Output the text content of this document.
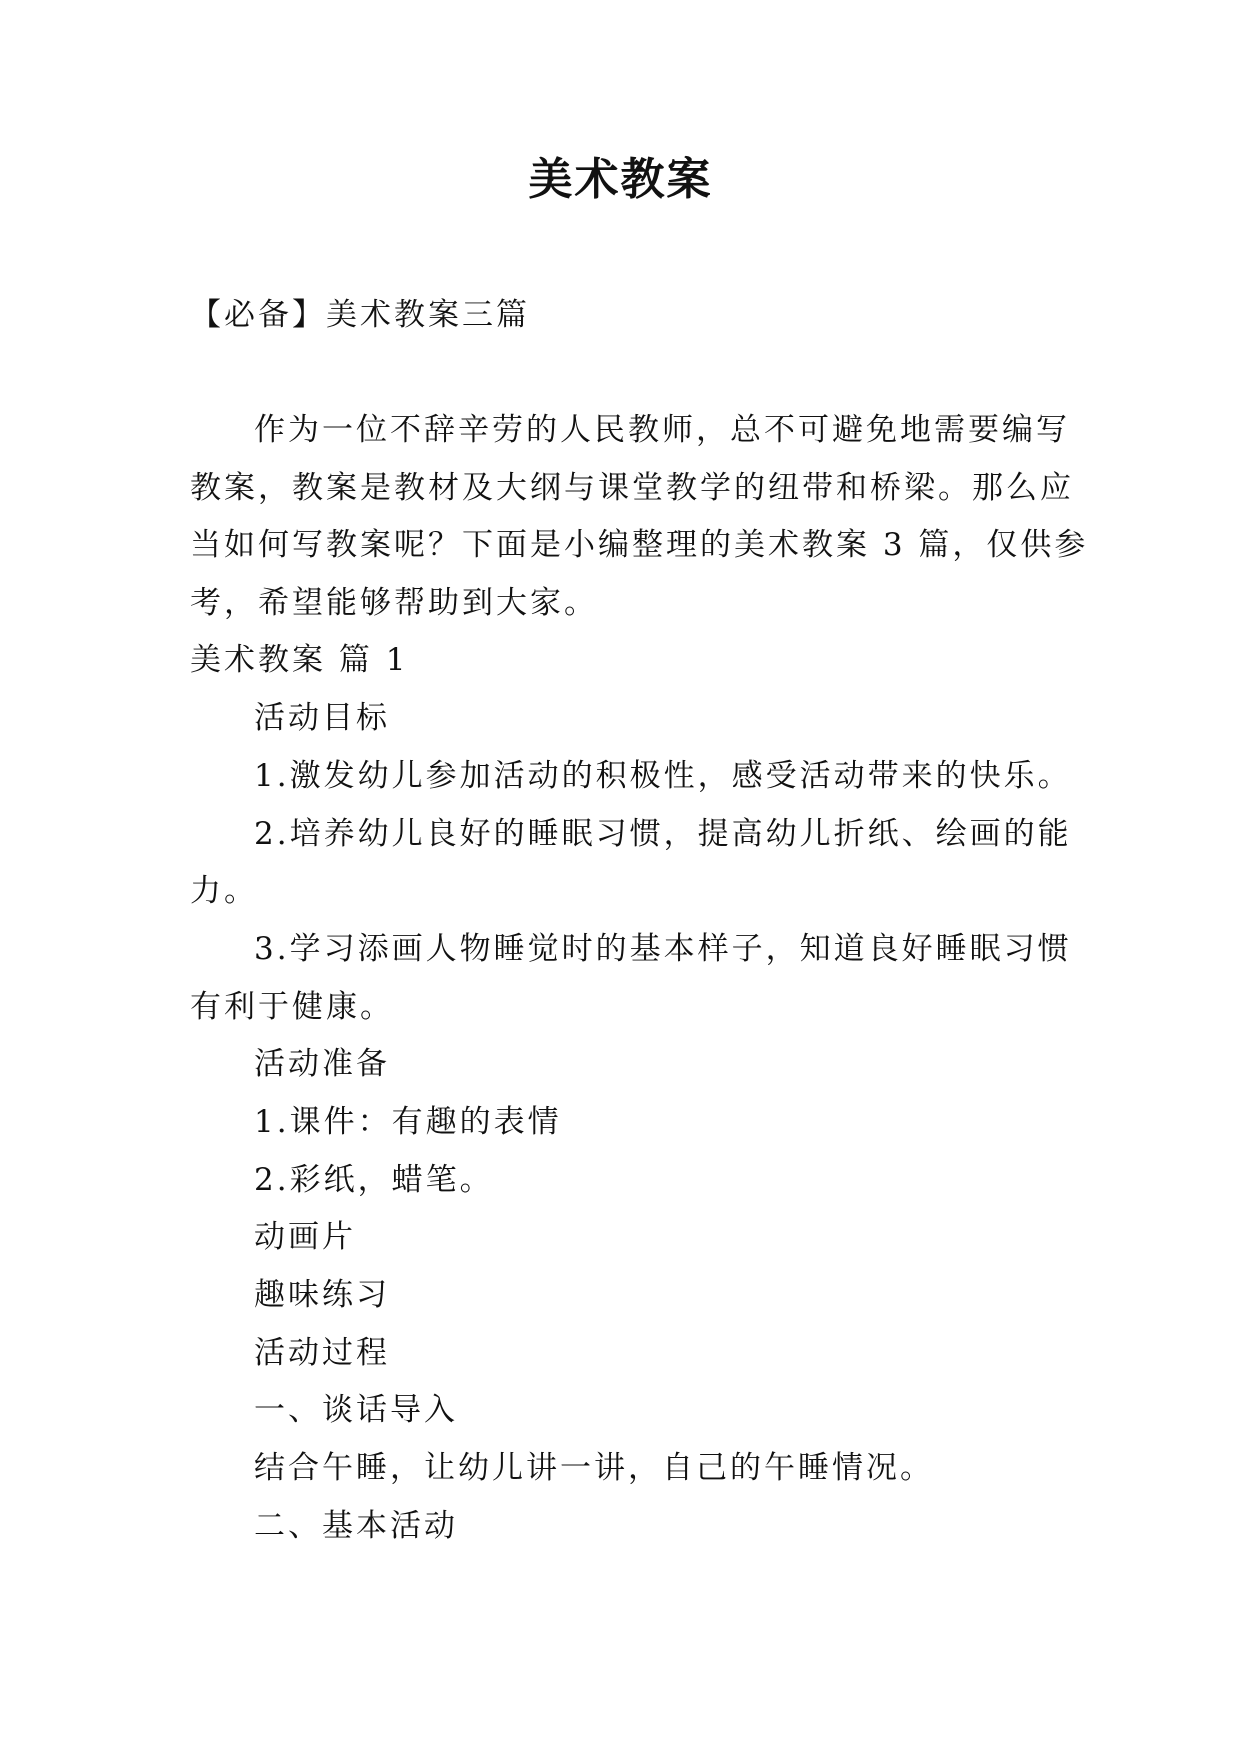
美术教案
【必备】美术教案三篇
作为一位不辞辛劳的人民教师，总不可避免地需要编写
教案，教案是教材及大纲与课堂教学的纽带和桥梁。那么应
当如何写教案呢？下面是小编整理的美术教案 3 篇，仅供参
考，希望能够帮助到大家。
美术教案 篇 1
活动目标
1.激发幼儿参加活动的积极性，感受活动带来的快乐。
2.培养幼儿良好的睡眠习惯，提高幼儿折纸、绘画的能
力。
3.学习添画人物睡觉时的基本样子，知道良好睡眠习惯
有利于健康。
活动准备
1.课件：有趣的表情
2.彩纸，蜡笔。
动画片
趣味练习
活动过程
一、谈话导入
结合午睡，让幼儿讲一讲，自己的午睡情况。
二、基本活动
